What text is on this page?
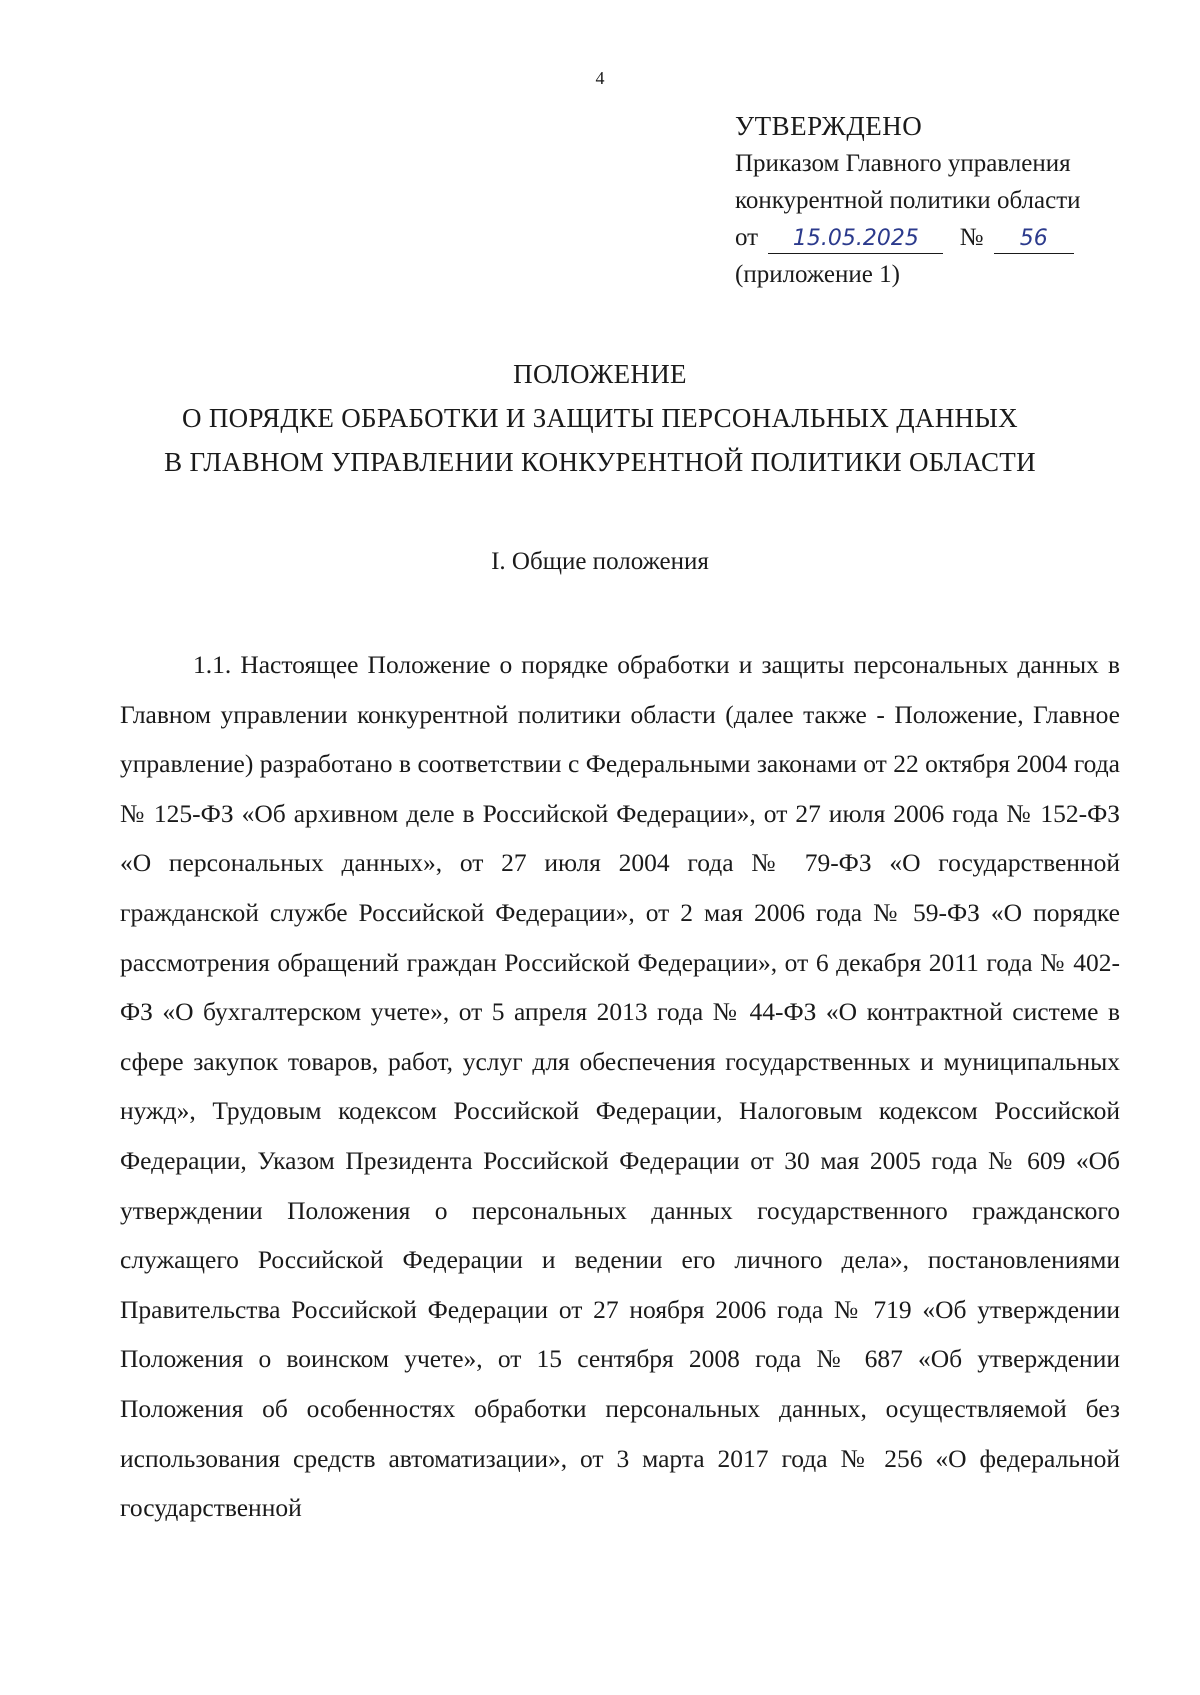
4
УТВЕРЖДЕНО
Приказом Главного управления
конкурентной политики области
от 15.05.2025 № 56
(приложение 1)
ПОЛОЖЕНИЕ
О ПОРЯДКЕ ОБРАБОТКИ И ЗАЩИТЫ ПЕРСОНАЛЬНЫХ ДАННЫХ
В ГЛАВНОМ УПРАВЛЕНИИ КОНКУРЕНТНОЙ ПОЛИТИКИ ОБЛАСТИ
I. Общие положения

1.1. Настоящее Положение о порядке обработки и защиты персональных данных в Главном управлении конкурентной политики области (далее также - Положение, Главное управление) разработано в соответствии с Федеральными законами от 22 октября 2004 года № 125-ФЗ «Об архивном деле в Российской Федерации», от 27 июля 2006 года № 152-ФЗ «О персональных данных», от 27 июля 2004 года № 79-ФЗ «О государственной гражданской службе Российской Федерации», от 2 мая 2006 года № 59-ФЗ «О порядке рассмотрения обращений граждан Российской Федерации», от 6 декабря 2011 года № 402-ФЗ «О бухгалтерском учете», от 5 апреля 2013 года № 44-ФЗ «О контрактной системе в сфере закупок товаров, работ, услуг для обеспечения государственных и муниципальных нужд», Трудовым кодексом Российской Федерации, Налоговым кодексом Российской Федерации, Указом Президента Российской Федерации от 30 мая 2005 года № 609 «Об утверждении Положения о персональных данных государственного гражданского служащего Российской Федерации и ведении его личного дела», постановлениями Правительства Российской Федерации от 27 ноября 2006 года № 719 «Об утверждении Положения о воинском учете», от 15 сентября 2008 года № 687 «Об утверждении Положения об особенностях обработки персональных данных, осуществляемой без использования средств автоматизации», от 3 марта 2017 года № 256 «О федеральной государственной
